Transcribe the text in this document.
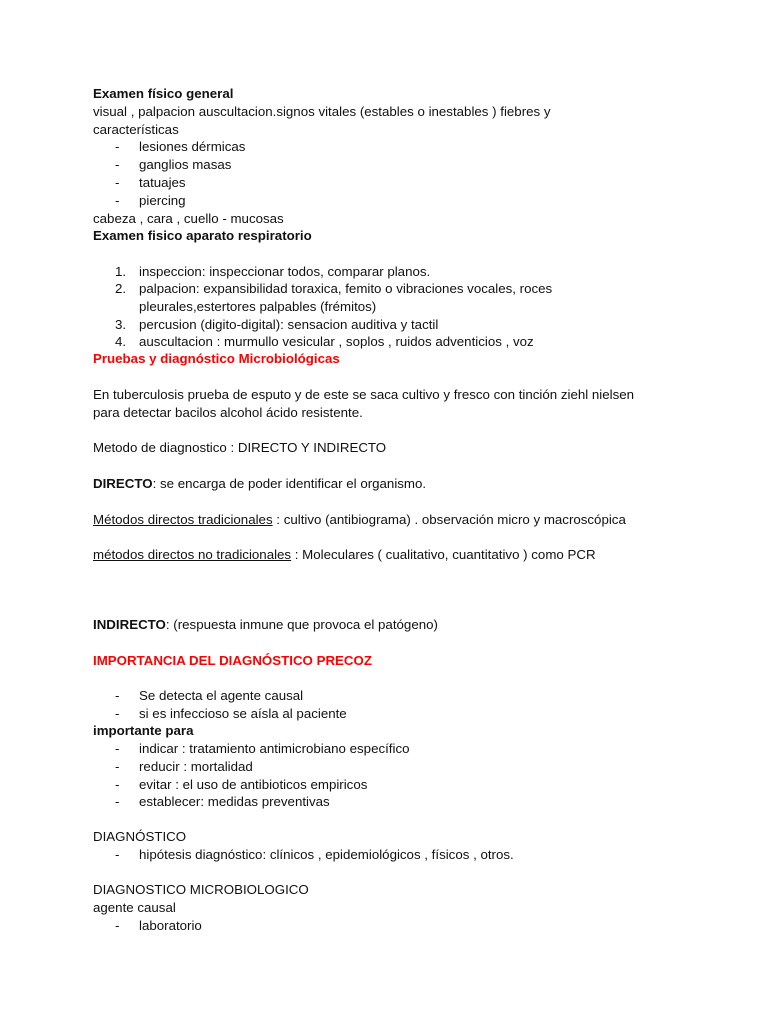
Examen físico general
visual , palpacion auscultacion.signos vitales (estables o inestables ) fiebres y
características
- lesiones dérmicas
- ganglios masas
- tatuajes
- piercing
cabeza , cara , cuello - mucosas
Examen fisico aparato respiratorio
1. inspeccion: inspeccionar todos, comparar planos.
2. palpacion: expansibilidad toraxica, femito o vibraciones vocales, roces
pleurales,estertores palpables (frémitos)
3. percusion (digito-digital): sensacion auditiva y tactil
4. auscultacion : murmullo vesicular , soplos , ruidos adventicios , voz
Pruebas y diagnóstico Microbiológicas
En tuberculosis prueba de esputo y de este se saca cultivo y fresco con tinción ziehl nielsen
para detectar bacilos alcohol ácido resistente.
Metodo de diagnostico : DIRECTO Y INDIRECTO
DIRECTO: se encarga de poder identificar el organismo.
Métodos directos tradicionales : cultivo (antibiograma) . observación micro y macroscópica
métodos directos no tradicionales : Moleculares ( cualitativo, cuantitativo ) como PCR
INDIRECTO: (respuesta inmune que provoca el patógeno)
IMPORTANCIA DEL DIAGNÓSTICO PRECOZ
- Se detecta el agente causal
- si es infeccioso se aísla al paciente
importante para
- indicar : tratamiento antimicrobiano específico
- reducir : mortalidad
- evitar : el uso de antibioticos empiricos
- establecer: medidas preventivas
DIAGNÓSTICO
- hipótesis diagnóstico: clínicos , epidemiológicos , físicos , otros.
DIAGNOSTICO MICROBIOLOGICO
agente causal
- laboratorio
